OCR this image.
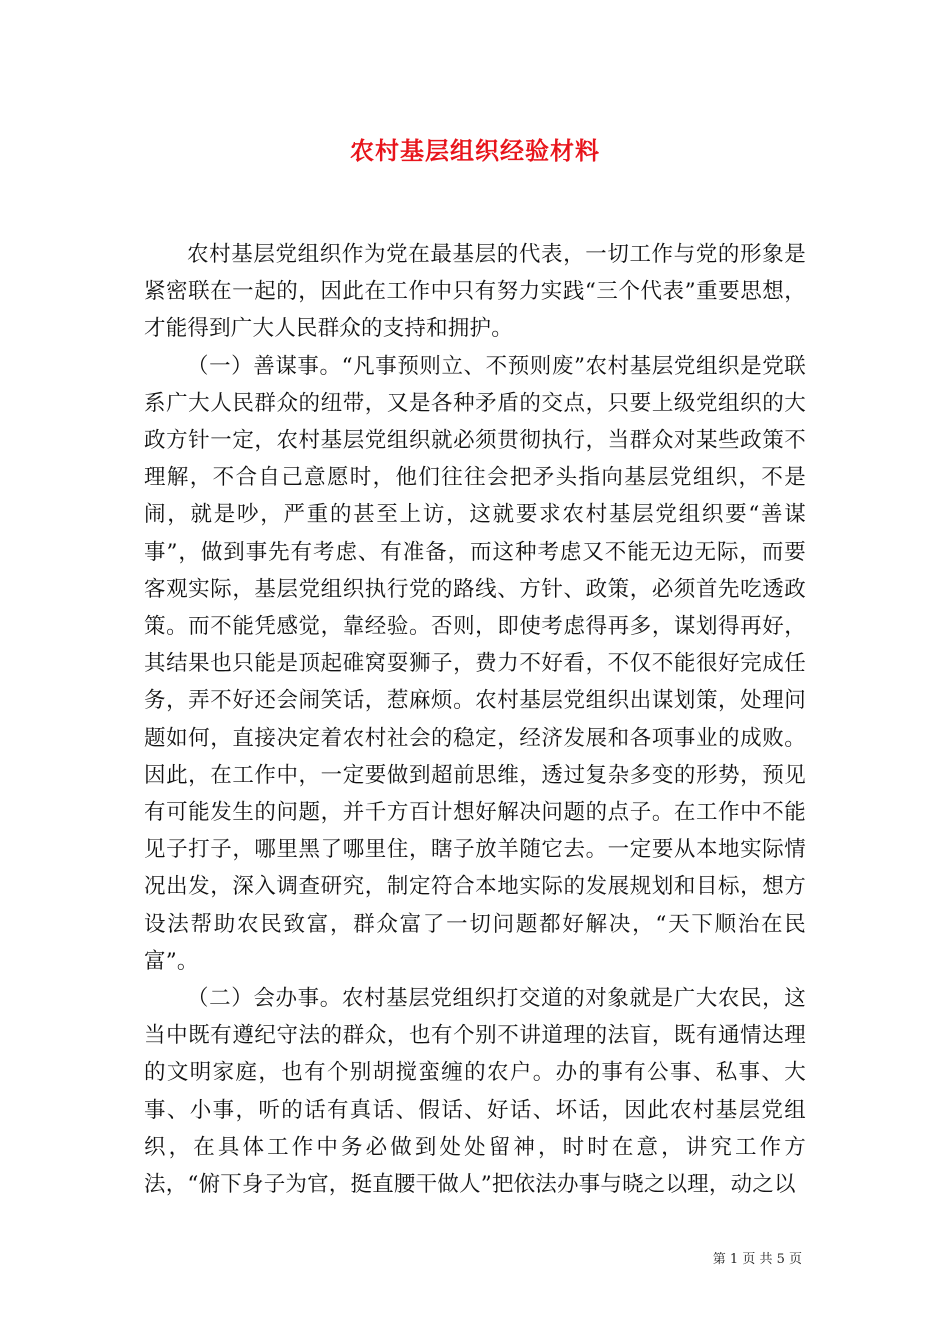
农村基层组织经验材料

农村基层党组织作为党在最基层的代表，一切工作与党的形象是紧密联在一起的，因此在工作中只有努力实践“三个代表”重要思想，才能得到广大人民群众的支持和拥护。

（一）善谋事。“凡事预则立、不预则废”农村基层党组织是党联系广大人民群众的纽带，又是各种矛盾的交点，只要上级党组织的大政方针一定，农村基层党组织就必须贯彻执行，当群众对某些政策不理解，不合自己意愿时，他们往往会把矛头指向基层党组织，不是闹，就是吵，严重的甚至上访，这就要求农村基层党组织要“善谋事”，做到事先有考虑、有准备，而这种考虑又不能无边无际，而要客观实际，基层党组织执行党的路线、方针、政策，必须首先吃透政策。而不能凭感觉，靠经验。否则，即使考虑得再多，谋划得再好，其结果也只能是顶起碓窝耍狮子，费力不好看，不仅不能很好完成任务，弄不好还会闹笑话，惹麻烦。农村基层党组织出谋划策，处理问题如何，直接决定着农村社会的稳定，经济发展和各项事业的成败。因此，在工作中，一定要做到超前思维，透过复杂多变的形势，预见有可能发生的问题，并千方百计想好解决问题的点子。在工作中不能见子打子，哪里黑了哪里住，瞎子放羊随它去。一定要从本地实际情况出发，深入调查研究，制定符合本地实际的发展规划和目标，想方设法帮助农民致富，群众富了一切问题都好解决，“天下顺治在民富”。

（二）会办事。农村基层党组织打交道的对象就是广大农民，这当中既有遵纪守法的群众，也有个别不讲道理的法盲，既有通情达理的文明家庭，也有个别胡搅蛮缠的农户。办的事有公事、私事、大事、小事，听的话有真话、假话、好话、坏话，因此农村基层党组织，在具体工作中务必做到处处留神，时时在意，讲究工作方法，“俯下身子为官，挺直腰干做人”把依法办事与晓之以理，动之以

第 1 页 共 5 页
